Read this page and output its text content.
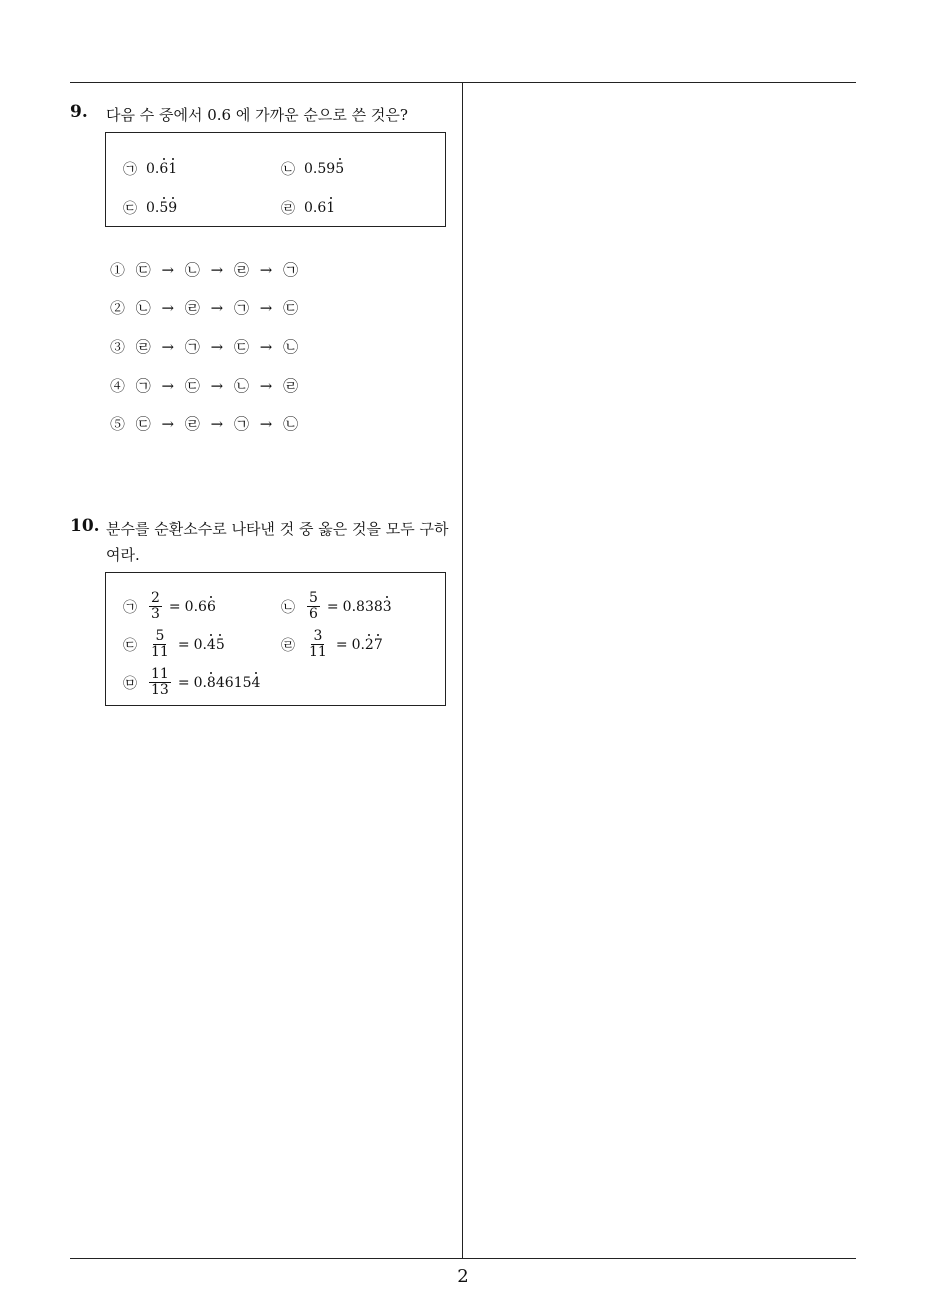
9. 다음 수 중에서 0.6 에 가까운 순으로 쓴 것은?
㉠ 0.61	㉡ 0.595
㉢ 0.59	㉣ 0.61
① ㉢ → ㉡ → ㉣ → ㉠
② ㉡ → ㉣ → ㉠ → ㉢
③ ㉣ → ㉠ → ㉢ → ㉡
④ ㉠ → ㉢ → ㉡ → ㉣
⑤ ㉢ → ㉣ → ㉠ → ㉡
10. 분수를 순환소수로 나타낸 것 중 옳은 것을 모두 구하
여라.
㉠ $\frac{2}{3} = 0.66$	㉡ $\frac{5}{6} = 0.8383$
㉢ $\frac{5}{11} = 0.45$	㉣ $\frac{3}{11} = 0.27$
㉤ $\frac{11}{13} = 0.846154$
2
